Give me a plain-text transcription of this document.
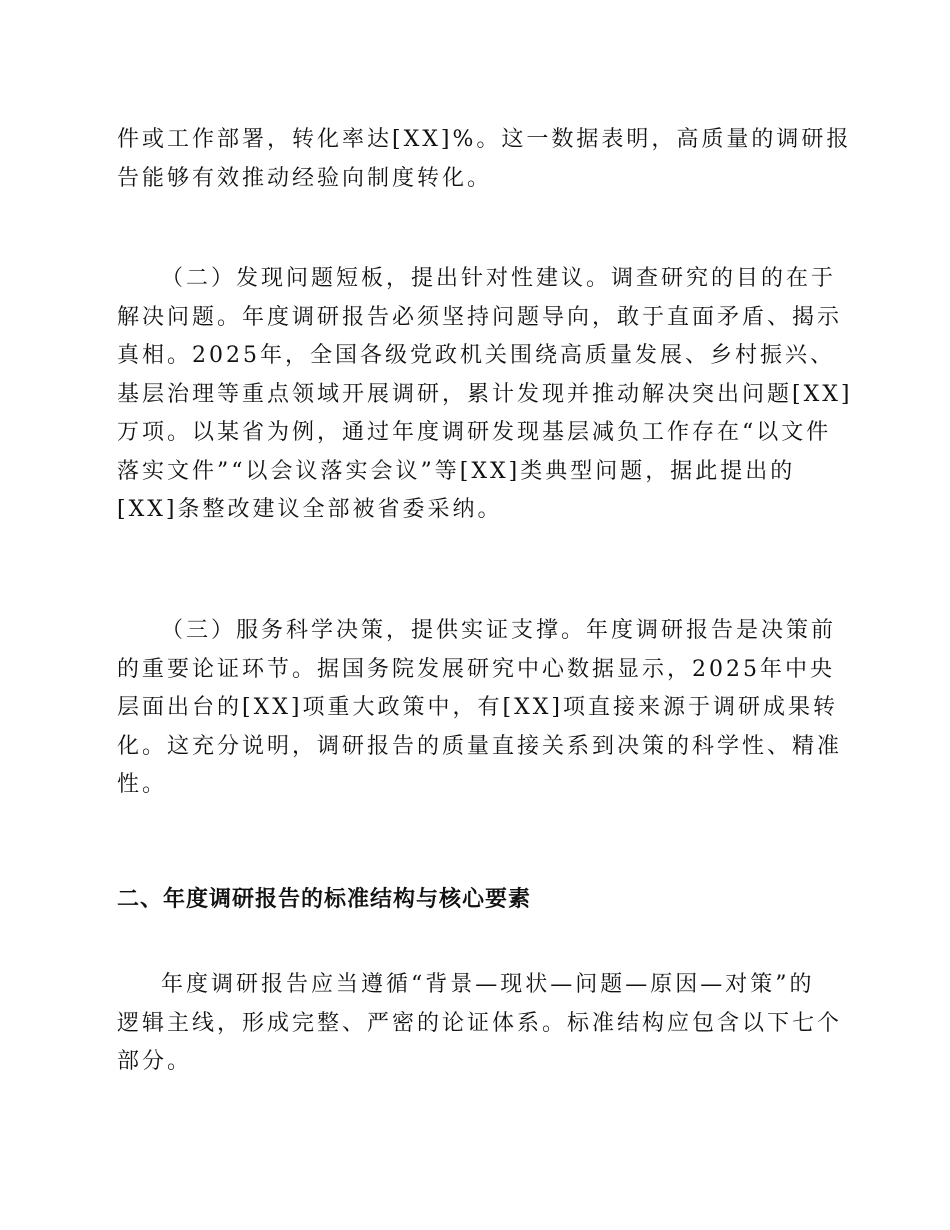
件或工作部署，转化率达[XX]%。这一数据表明，高质量的调研报
告能够有效推动经验向制度转化。
（二）发现问题短板，提出针对性建议。调查研究的目的在于
解决问题。年度调研报告必须坚持问题导向，敢于直面矛盾、揭示
真相。2025年，全国各级党政机关围绕高质量发展、乡村振兴、
基层治理等重点领域开展调研，累计发现并推动解决突出问题[XX]
万项。以某省为例，通过年度调研发现基层减负工作存在“以文件
落实文件”“以会议落实会议”等[XX]类典型问题，据此提出的
[XX]条整改建议全部被省委采纳。
（三）服务科学决策，提供实证支撑。年度调研报告是决策前
的重要论证环节。据国务院发展研究中心数据显示，2025年中央
层面出台的[XX]项重大政策中，有[XX]项直接来源于调研成果转
化。这充分说明，调研报告的质量直接关系到决策的科学性、精准
性。
二、年度调研报告的标准结构与核心要素
年度调研报告应当遵循“背景—现状—问题—原因—对策”的
逻辑主线，形成完整、严密的论证体系。标准结构应包含以下七个
部分。
